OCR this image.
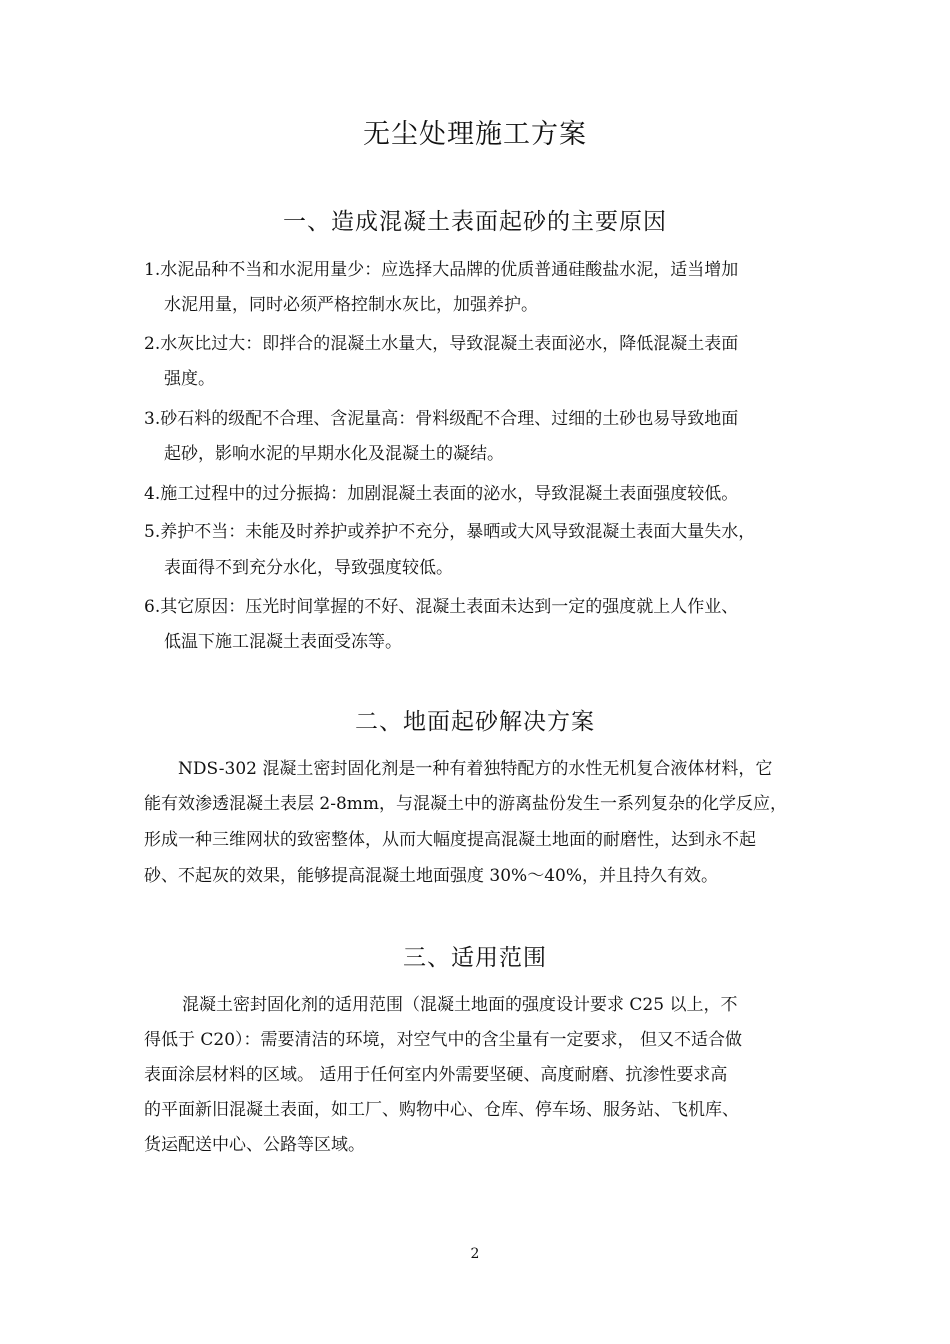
无尘处理施工方案
一、造成混凝土表面起砂的主要原因
1.水泥品种不当和水泥用量少：应选择大品牌的优质普通硅酸盐水泥，适当增加
水泥用量，同时必须严格控制水灰比，加强养护。
2.水灰比过大：即拌合的混凝土水量大，导致混凝土表面泌水，降低混凝土表面
强度。
3.砂石料的级配不合理、含泥量高：骨料级配不合理、过细的土砂也易导致地面
起砂，影响水泥的早期水化及混凝土的凝结。
4.施工过程中的过分振捣：加剧混凝土表面的泌水，导致混凝土表面强度较低。
5.养护不当：未能及时养护或养护不充分，暴晒或大风导致混凝土表面大量失水，
表面得不到充分水化，导致强度较低。
6.其它原因：压光时间掌握的不好、混凝土表面未达到一定的强度就上人作业、
低温下施工混凝土表面受冻等。
二、地面起砂解决方案
NDS-302 混凝土密封固化剂是一种有着独特配方的水性无机复合液体材料，它
能有效渗透混凝土表层 2-8mm，与混凝土中的游离盐份发生一系列复杂的化学反应，
形成一种三维网状的致密整体，从而大幅度提高混凝土地面的耐磨性，达到永不起
砂、不起灰的效果，能够提高混凝土地面强度 30%～40%，并且持久有效。
三、适用范围
混凝土密封固化剂的适用范围（混凝土地面的强度设计要求 C25 以上，不
得低于 C20）：需要清洁的环境，对空气中的含尘量有一定要求， 但又不适合做
表面涂层材料的区域。 适用于任何室内外需要坚硬、高度耐磨、抗渗性要求高
的平面新旧混凝土表面，如工厂、购物中心、仓库、停车场、服务站、飞机库、
货运配送中心、公路等区域。
2
